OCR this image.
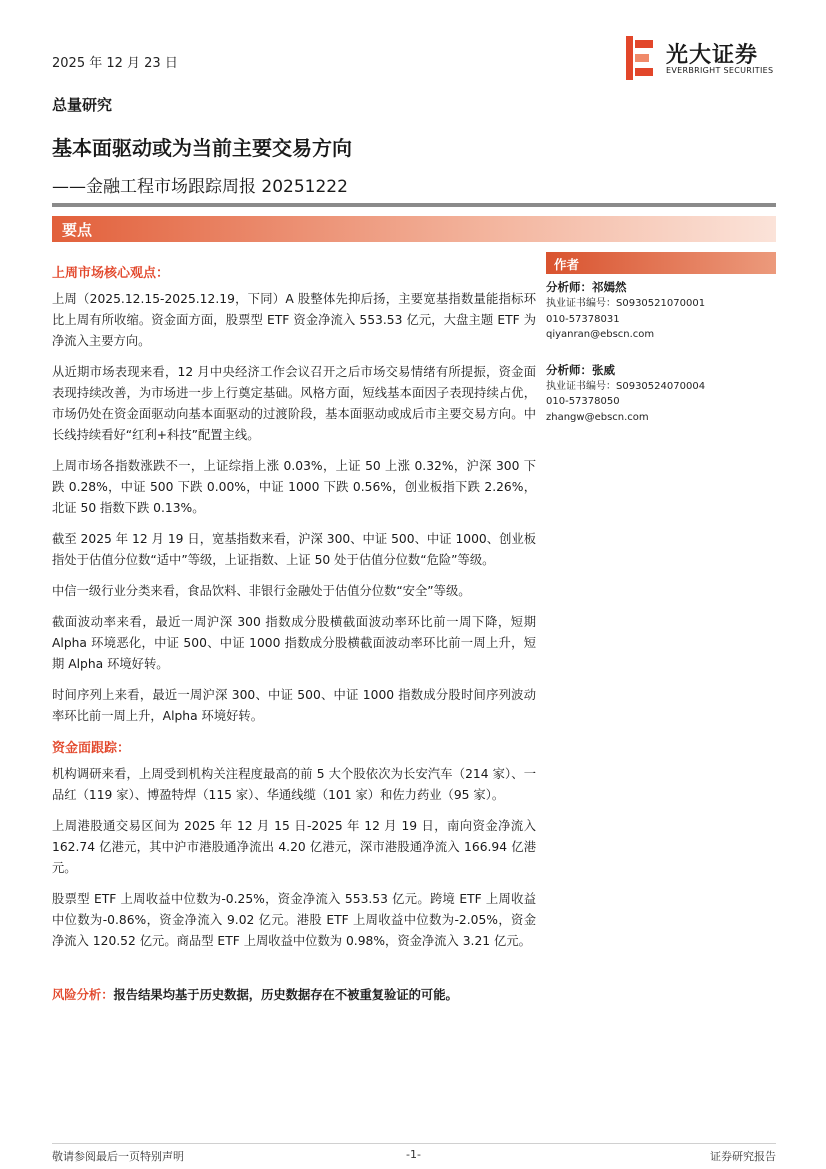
2025 年 12 月 23 日	光大证券
EVERBRIGHT SECURITIES
总量研究
基本面驱动或为当前主要交易方向
——金融工程市场跟踪周报 20251222
要点
上周市场核心观点：

上周（2025.12.15-2025.12.19，下同）A 股整体先抑后扬，主要宽基指数量能指标环比上周有所收缩。资金面方面，股票型 ETF 资金净流入 553.53 亿元，大盘主题 ETF 为净流入主要方向。

从近期市场表现来看，12 月中央经济工作会议召开之后市场交易情绪有所提振，资金面表现持续改善，为市场进一步上行奠定基础。风格方面，短线基本面因子表现持续占优，市场仍处在资金面驱动向基本面驱动的过渡阶段，基本面驱动或成后市主要交易方向。中长线持续看好“红利+科技”配置主线。

上周市场各指数涨跌不一，上证综指上涨 0.03%，上证 50 上涨 0.32%，沪深 300 下跌 0.28%，中证 500 下跌 0.00%，中证 1000 下跌 0.56%，创业板指下跌 2.26%，北证 50 指数下跌 0.13%。

截至 2025 年 12 月 19 日，宽基指数来看，沪深 300、中证 500、中证 1000、创业板指处于估值分位数“适中”等级，上证指数、上证 50 处于估值分位数“危险”等级。

中信一级行业分类来看，食品饮料、非银行金融处于估值分位数“安全”等级。

截面波动率来看，最近一周沪深 300 指数成分股横截面波动率环比前一周下降，短期 Alpha 环境恶化，中证 500、中证 1000 指数成分股横截面波动率环比前一周上升，短期 Alpha 环境好转。

时间序列上来看，最近一周沪深 300、中证 500、中证 1000 指数成分股时间序列波动率环比前一周上升，Alpha 环境好转。

资金面跟踪：

机构调研来看，上周受到机构关注程度最高的前 5 大个股依次为长安汽车（214 家）、一品红（119 家）、博盈特焊（115 家）、华通线缆（101 家）和佐力药业（95 家）。

上周港股通交易区间为 2025 年 12 月 15 日-2025 年 12 月 19 日，南向资金净流入 162.74 亿港元，其中沪市港股通净流出 4.20 亿港元，深市港股通净流入 166.94 亿港元。

股票型 ETF 上周收益中位数为-0.25%，资金净流入 553.53 亿元。跨境 ETF 上周收益中位数为-0.86%，资金净流入 9.02 亿元。港股 ETF 上周收益中位数为-2.05%，资金净流入 120.52 亿元。商品型 ETF 上周收益中位数为 0.98%，资金净流入 3.21 亿元。

风险分析：报告结果均基于历史数据，历史数据存在不被重复验证的可能。
作者
分析师：祁嫣然
执业证书编号：S0930521070001
010-57378031
qiyanran@ebscn.com
分析师：张威
执业证书编号：S0930524070004
010-57378050
zhangw@ebscn.com
敬请参阅最后一页特别声明	-1-	证券研究报告
